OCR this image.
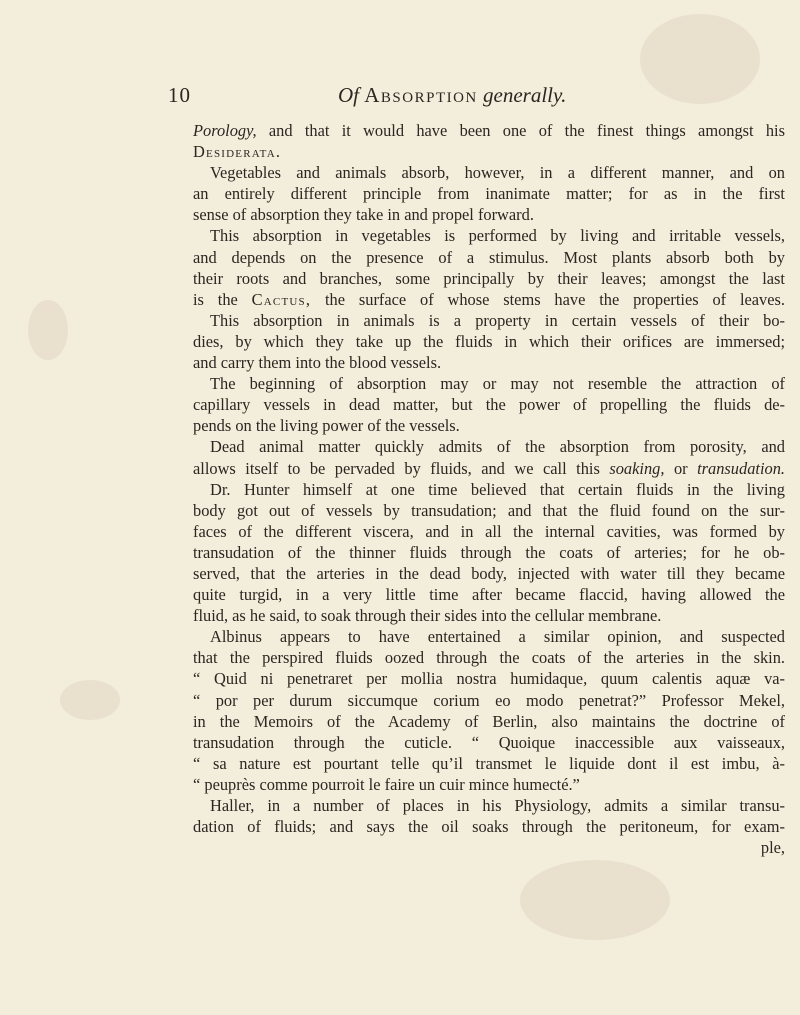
10	Of Absorption generally.
Porology, and that it would have been one of the finest things amongst his
Desiderata.
Vegetables and animals absorb, however, in a different manner, and on
an entirely different principle from inanimate matter; for as in the first
sense of absorption they take in and propel forward.
This absorption in vegetables is performed by living and irritable vessels,
and depends on the presence of a stimulus. Most plants absorb both by
their roots and branches, some principally by their leaves; amongst the last
is the Cactus, the surface of whose stems have the properties of leaves.
This absorption in animals is a property in certain vessels of their bo-
dies, by which they take up the fluids in which their orifices are immersed;
and carry them into the blood vessels.
The beginning of absorption may or may not resemble the attraction of
capillary vessels in dead matter, but the power of propelling the fluids de-
pends on the living power of the vessels.
Dead animal matter quickly admits of the absorption from porosity, and
allows itself to be pervaded by fluids, and we call this soaking, or transudation.
Dr. Hunter himself at one time believed that certain fluids in the living
body got out of vessels by transudation; and that the fluid found on the sur-
faces of the different viscera, and in all the internal cavities, was formed by
transudation of the thinner fluids through the coats of arteries; for he ob-
served, that the arteries in the dead body, injected with water till they became
quite turgid, in a very little time after became flaccid, having allowed the
fluid, as he said, to soak through their sides into the cellular membrane.
Albinus appears to have entertained a similar opinion, and suspected
that the perspired fluids oozed through the coats of the arteries in the skin.
“ Quid ni penetraret per mollia nostra humidaque, quum calentis aquæ va-
“ por per durum siccumque corium eo modo penetrat?” Professor Mekel,
in the Memoirs of the Academy of Berlin, also maintains the doctrine of
transudation through the cuticle. “ Quoique inaccessible aux vaisseaux,
“ sa nature est pourtant telle qu’il transmet le liquide dont il est imbu, à-
“ peuprès comme pourroit le faire un cuir mince humecté.”
Haller, in a number of places in his Physiology, admits a similar transu-
dation of fluids; and says the oil soaks through the peritoneum, for exam-
ple,
